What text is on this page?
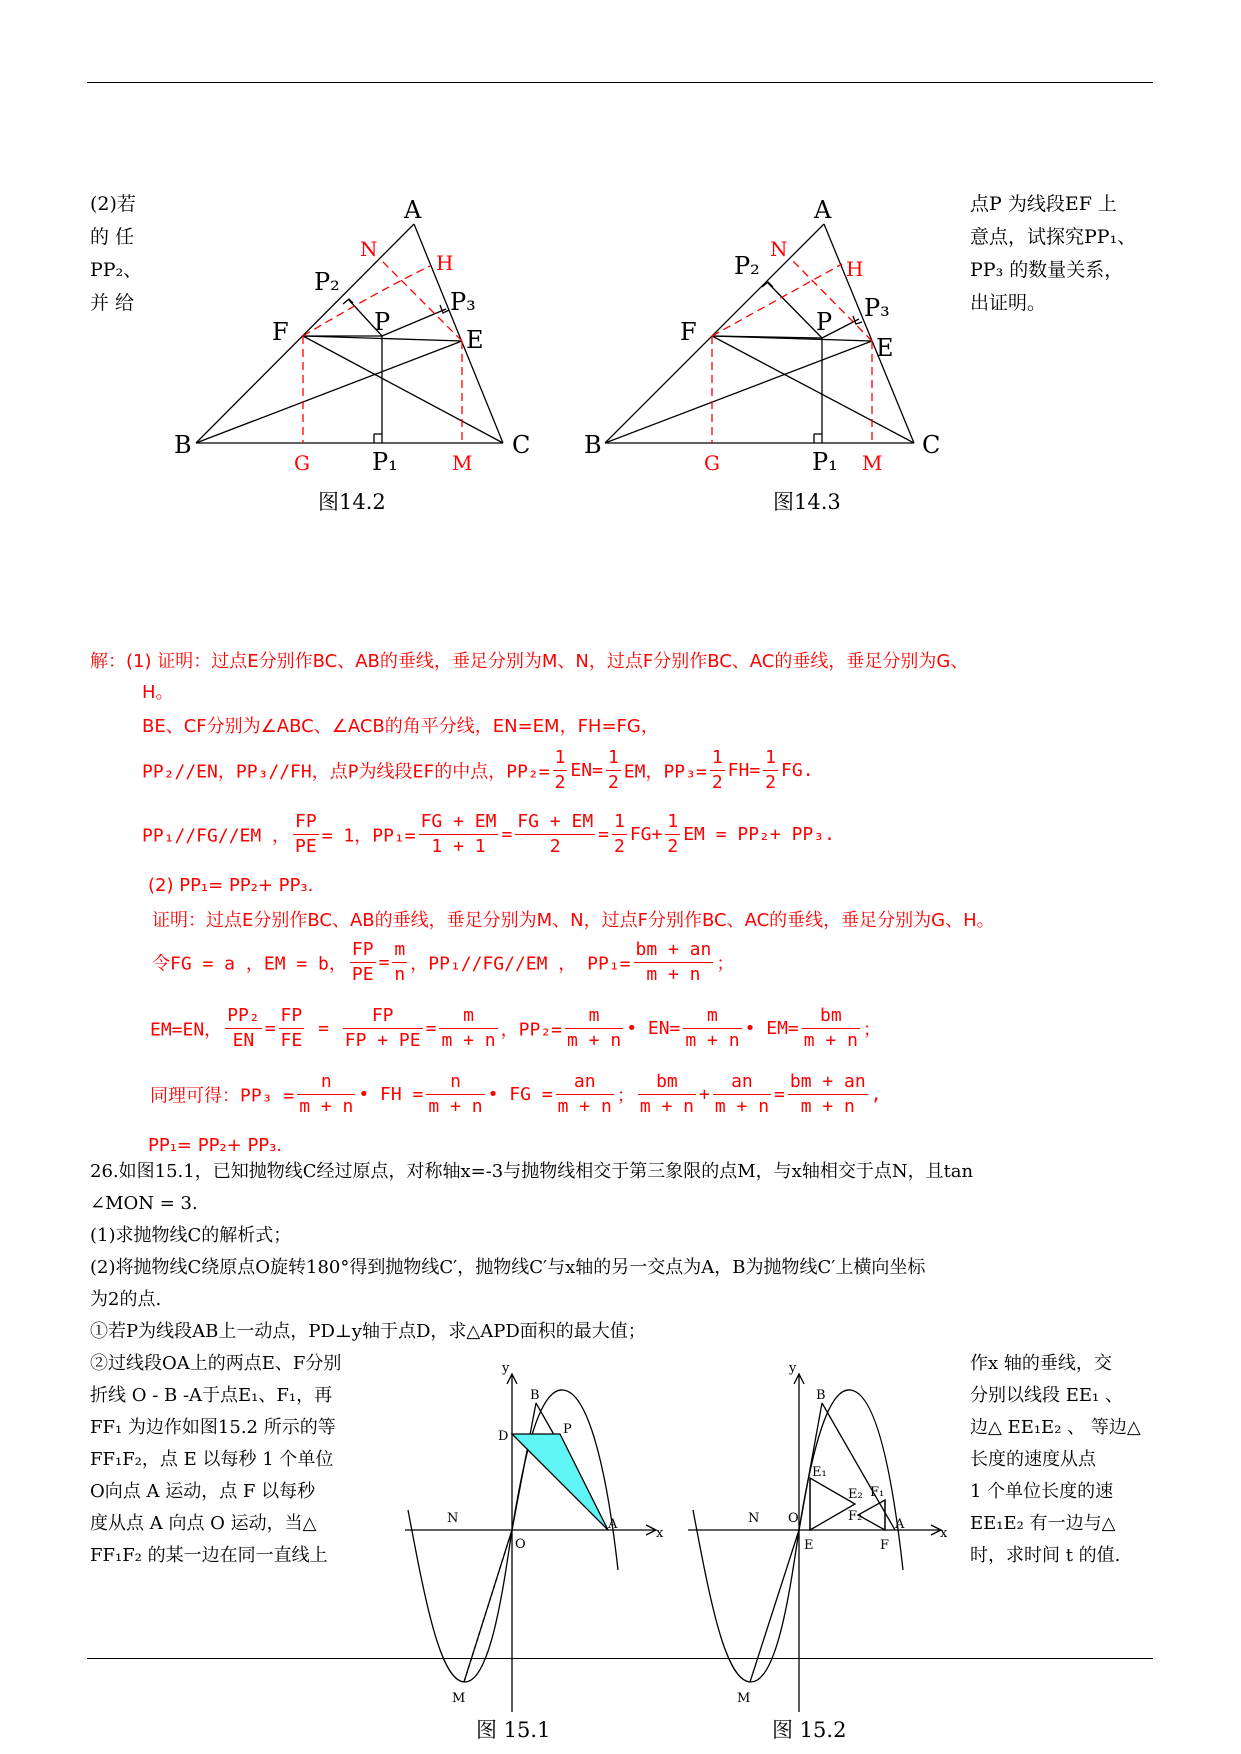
(2)若
的 任
PP₂、
并 给
点P 为线段EF 上
意点，试探究PP₁、
PP₃ 的数量关系，
出证明。
A
B	C
E
F	P
P₁
P₂
P₃
N
H
G	M
图14.2
A
B	C
E
F	P
P₁
P₂
P₃
N
H
G	M
图14.3
解：(1) 证明：过点E分别作BC、AB的垂线，垂足分别为M、N，过点F分别作BC、AC的垂线，垂足分别为G、
H。
BE、CF分别为∠ABC、∠ACB的角平分线，EN=EM，FH=FG，
PP₂//EN，PP₃//FH，点P为线段EF的中点，$PP_2= \frac{1}{2} EN= \frac{1}{2}$ EM，$PP_3= \frac{1}{2} FH= \frac{1}{2}$ FG.
PP₁//FG//EM ， $\frac{FP}{PE} = 1$，$PP_1= \frac{FG + EM}{1 + 1} = \frac{FG + EM}{2} = \frac{1}{2} FG+ \frac{1}{2}$ EM = PP₂+ PP₃.
(2) PP₁= PP₂+ PP₃.
证明：过点E分别作BC、AB的垂线，垂足分别为M、N，过点F分别作BC、AC的垂线，垂足分别为G、H。
令FG = a ，EM = b， $\frac{FP}{PE} = \frac{m}{n}$ ，PP₁//FG//EM ， $PP_1= \frac{bm + an}{m + n}$ ；
EM=EN， $\frac{\text{PP₂}}{EN} = \frac{FP}{FE} = \frac{FP}{FP + PE} = \frac{m}{m + n}$ ，$PP_2= \frac{m}{m + n}$ • $EN= \frac{m}{m + n}$ • $EM= \frac{bm}{m + n}$ ；
同理可得：$PP_3 = \frac{n}{m + n}$ • FH = $\frac{n}{m + n}$ • FG = $\frac{an}{m + n}$ ； $\frac{bm}{m + n} + \frac{an}{m + n} = \frac{bm + an}{m + n}$ ,
PP₁= PP₂+ PP₃.
26.如图15.1，已知抛物线C经过原点，对称轴x=-3与抛物线相交于第三象限的点M，与x轴相交于点N，且tan
∠MON = 3.
(1)求抛物线C的解析式；
(2)将抛物线C绕原点O旋转180°得到抛物线C′，抛物线C′与x轴的另一交点为A，B为抛物线C′上横向坐标
为2的点.
①若P为线段AB上一动点，PD⊥y轴于点D，求△APD面积的最大值；
②过线段OA上的两点E、F分别
折线 O - B -A于点E₁、F₁，再
FF₁ 为边作如图15.2 所示的等
FF₁F₂，点 E 以每秒 1 个单位
O向点 A 运动，点 F 以每秒
度从点 A 向点 O 运动，当△
FF₁F₂ 的某一边在同一直线上
作x 轴的垂线，交
分别以线段 EE₁ 、
边△ EE₁E₂ 、 等边△
长度的速度从点
1 个单位长度的速
EE₁E₂ 有一边与△
时，求时间 t 的值.
x
y
O
N
M
A
B
D	P
图 15.1
x
y
O
N
M
A
B
E	F
E₁
E₂ F₁
F₂
图 15.2
